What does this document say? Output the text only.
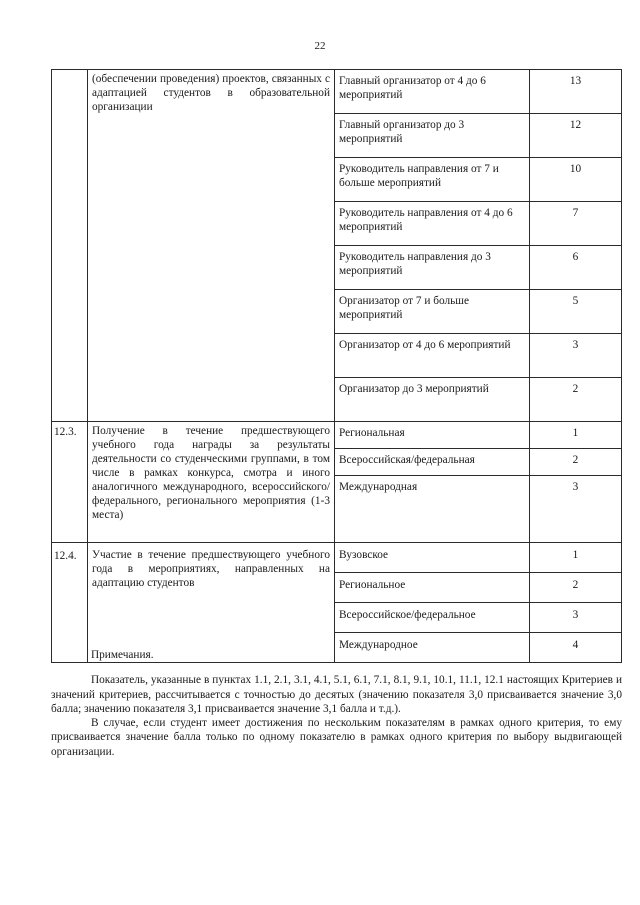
22
	(обеспечении проведения) проектов, связанных с адаптацией студентов в образовательной организации	Главный организатор от 4 до 6 мероприятий	13
		Главный организатор до 3 мероприятий	12
		Руководитель направления от 7 и больше мероприятий	10
		Руководитель направления от 4 до 6 мероприятий	7
		Руководитель направления до 3 мероприятий	6
		Организатор от 7 и больше мероприятий	5
		Организатор от 4 до 6 мероприятий	3
		Организатор до 3 мероприятий	2
12.3.	Получение в течение предшествующего учебного года награды за результаты деятельности со студенческими группами, в том числе в рамках конкурса, смотра и иного аналогичного международного, всероссийского/федерального, регионального мероприятия (1-3 места)	Региональная	1
		Всероссийская/федеральная	2
		Международная	3
12.4.	Участие в течение предшествующего учебного года в мероприятиях, направленных на адаптацию студентов	Вузовское	1
		Региональное	2
		Всероссийское/федеральное	3
		Международное	4

Примечания.

Показатель, указанные в пунктах 1.1, 2.1, 3.1, 4.1, 5.1, 6.1, 7.1, 8.1, 9.1, 10.1, 11.1, 12.1 настоящих Критериев и значений критериев, рассчитывается с точностью до десятых (значению показателя 3,0 присваивается значение 3,0 балла; значению показателя 3,1 присваивается значение 3,1 балла и т.д.).

В случае, если студент имеет достижения по нескольким показателям в рамках одного критерия, то ему присваивается значение балла только по одному показателю в рамках одного критерия по выбору выдвигающей организации.
